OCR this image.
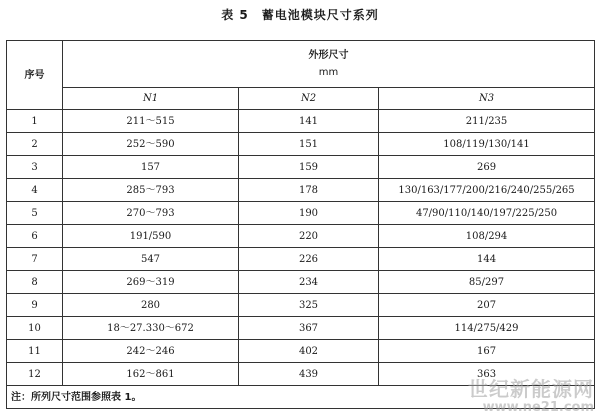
表 5　蓄电池模块尺寸系列
序号	外形尺寸
mm		

	N1	N2	N3
1	211～515	141	211/235
2	252～590	151	108/119/130/141
3	157	159	269
4	285～793	178	130/163/177/200/216/240/255/265
5	270～793	190	47/90/110/140/197/225/250
6	191/590	220	108/294
7	547	226	144
8	269～319	234	85/297
9	280	325	207
10	18～27.330～672	367	114/275/429
11	242～246	402	167
12	162～861	439	363
注：所列尺寸范围参照表 1。				世纪新能源网
www.ne21.com
